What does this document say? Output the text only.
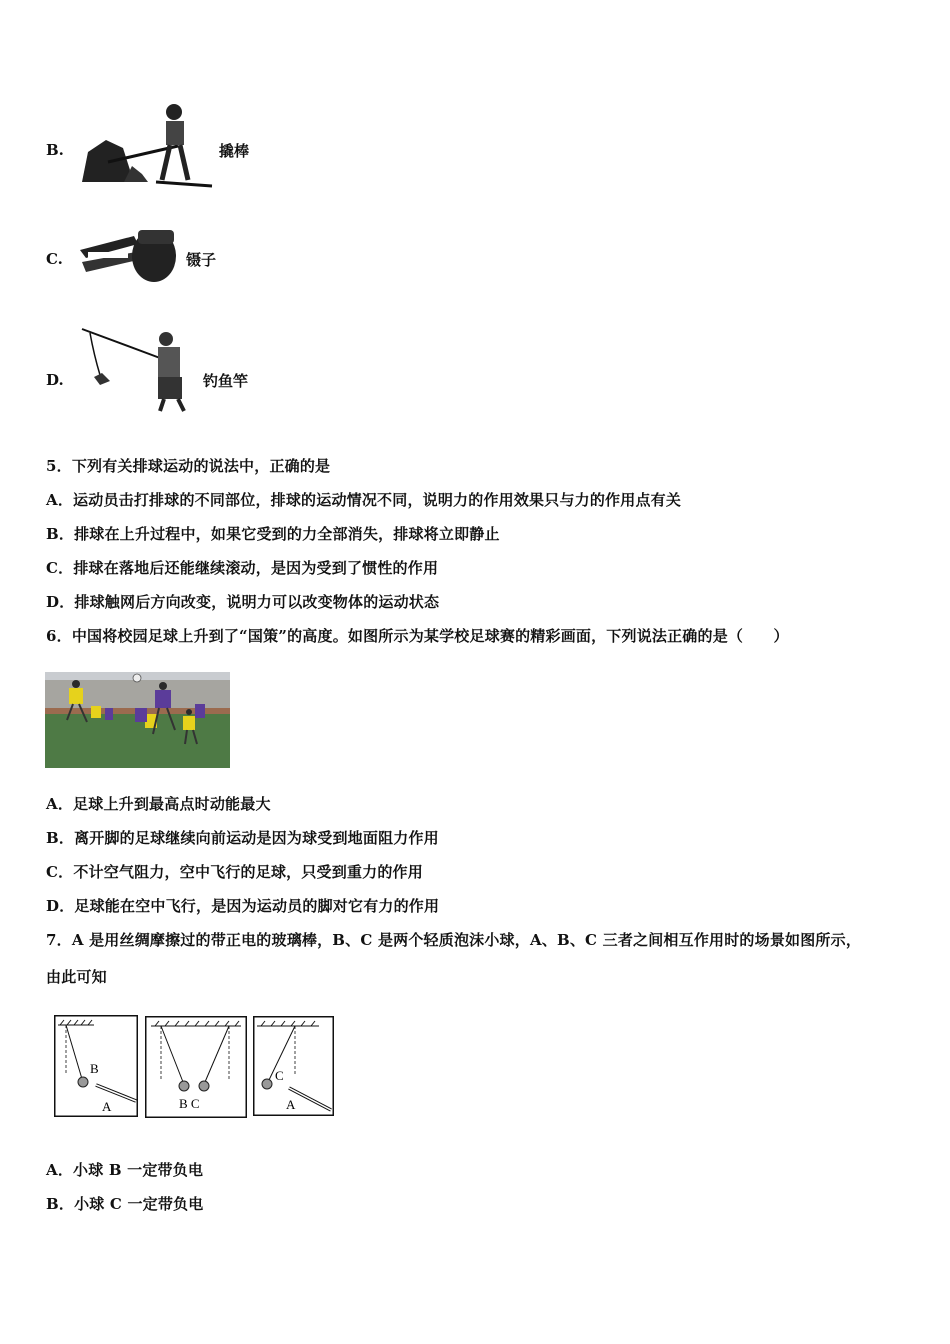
B.	撬棒
C.	镊子
D.	钓鱼竿
5．下列有关排球运动的说法中，正确的是
A．运动员击打排球的不同部位，排球的运动情况不同，说明力的作用效果只与力的作用点有关
B．排球在上升过程中，如果它受到的力全部消失，排球将立即静止
C．排球在落地后还能继续滚动，是因为受到了惯性的作用
D．排球触网后方向改变，说明力可以改变物体的运动状态
6．中国将校园足球上升到了“国策”的高度。如图所示为某学校足球赛的精彩画面，下列说法正确的是（　　）
A．足球上升到最高点时动能最大
B．离开脚的足球继续向前运动是因为球受到地面阻力作用
C．不计空气阻力，空中飞行的足球，只受到重力的作用
D．足球能在空中飞行，是因为运动员的脚对它有力的作用
7．A 是用丝绸摩擦过的带正电的玻璃棒，B、C 是两个轻质泡沫小球，A、B、C 三者之间相互作用时的场景如图所示，
由此可知
B
A	B C
C
A
A．小球 B 一定带负电
B．小球 C 一定带负电
